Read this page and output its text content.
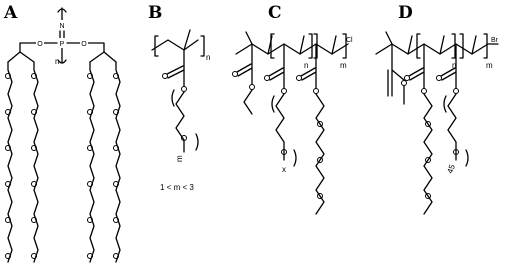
A
N
P
n
O	O
B
n
m
1 < m < 3
C
n	m
Cl
x
D
n	m
Br
45
